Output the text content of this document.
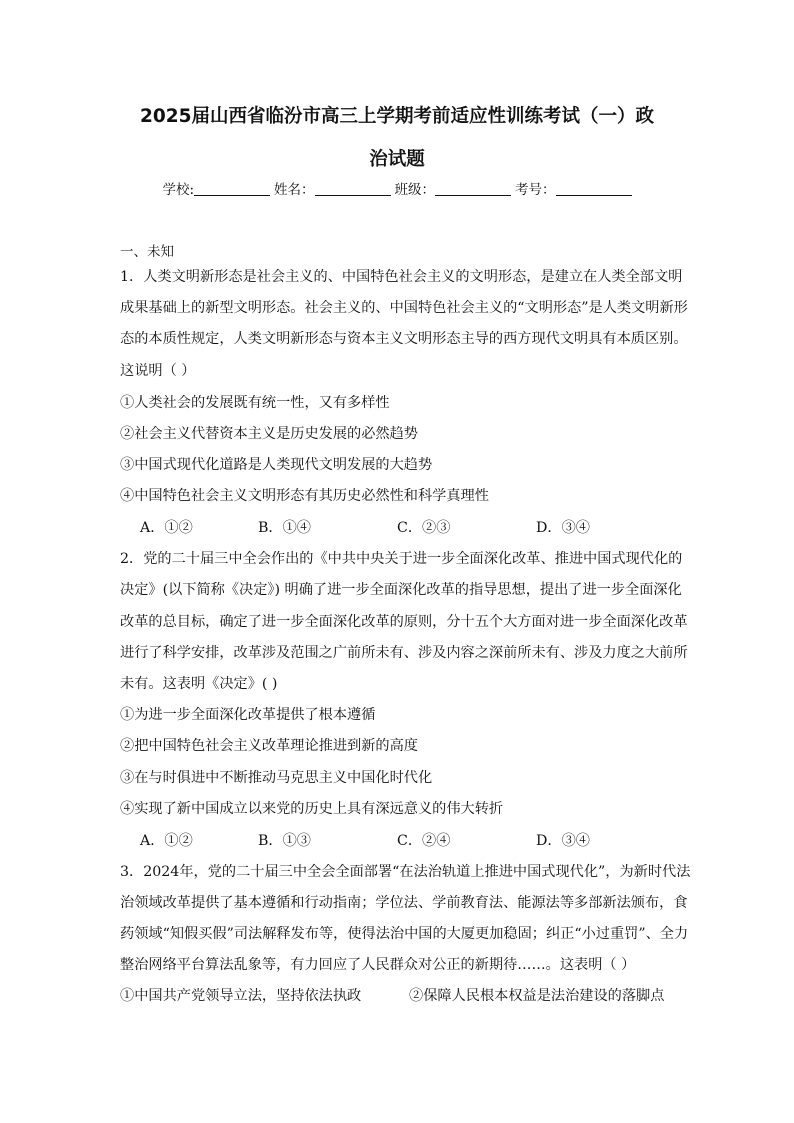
2025届山西省临汾市高三上学期考前适应性训练考试（一）政
治试题
学校:	姓名：	班级：	考号：
一、未知
1．人类文明新形态是社会主义的、中国特色社会主义的文明形态，是建立在人类全部文明
成果基础上的新型文明形态。社会主义的、中国特色社会主义的“文明形态”是人类文明新形
态的本质性规定，人类文明新形态与资本主义文明形态主导的西方现代文明具有本质区别。
这说明（ ）
①人类社会的发展既有统一性，又有多样性
②社会主义代替资本主义是历史发展的必然趋势
③中国式现代化道路是人类现代文明发展的大趋势
④中国特色社会主义文明形态有其历史必然性和科学真理性
A．①②	B．①④	C．②③	D．③④
2．党的二十届三中全会作出的《中共中央关于进一步全面深化改革、推进中国式现代化的
决定》(以下简称《决定》) 明确了进一步全面深化改革的指导思想，提出了进一步全面深化
改革的总目标，确定了进一步全面深化改革的原则，分十五个大方面对进一步全面深化改革
进行了科学安排，改革涉及范围之广前所未有、涉及内容之深前所未有、涉及力度之大前所
未有。这表明《决定》( )
①为进一步全面深化改革提供了根本遵循
②把中国特色社会主义改革理论推进到新的高度
③在与时俱进中不断推动马克思主义中国化时代化
④实现了新中国成立以来党的历史上具有深远意义的伟大转折
A．①②	B．①③	C．②④	D．③④
3．2024年，党的二十届三中全会全面部署“在法治轨道上推进中国式现代化”，为新时代法
治领域改革提供了基本遵循和行动指南；学位法、学前教育法、能源法等多部新法颁布，食
药领域“知假买假”司法解释发布等，使得法治中国的大厦更加稳固；纠正“小过重罚”、全力
整治网络平台算法乱象等，有力回应了人民群众对公正的新期待……。这表明（ ）
①中国共产党领导立法，坚持依法执政	②保障人民根本权益是法治建设的落脚点
